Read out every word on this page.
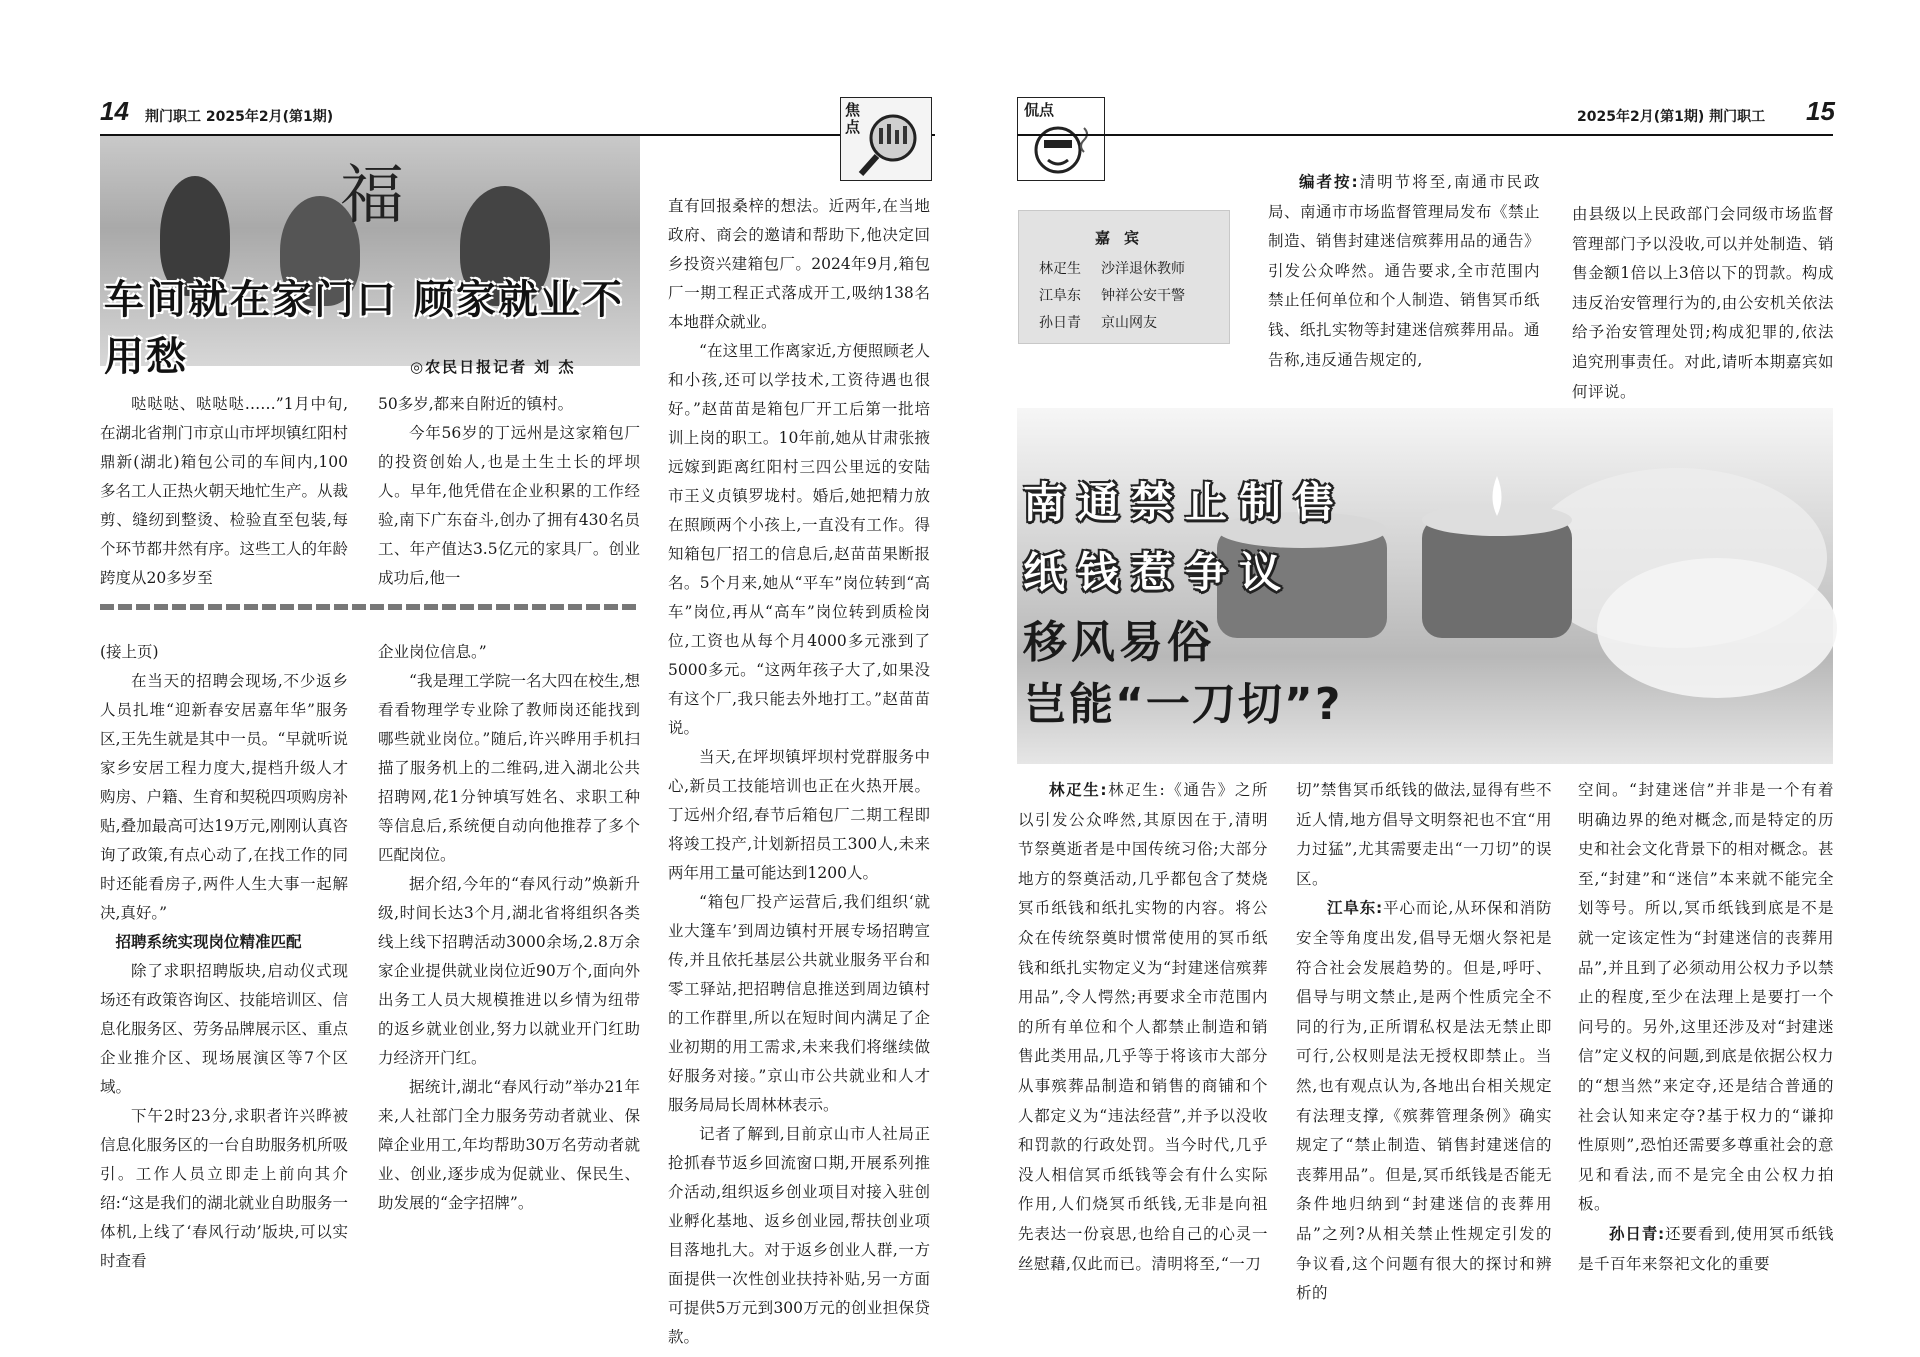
14 荆门职工 2025年2月(第1期)	焦点
福
车间就在家门口 顾家就业不用愁	◎农民日报记者 刘 杰

哒哒哒、哒哒哒……”1月中旬,在湖北省荆门市京山市坪坝镇红阳村鼎新(湖北)箱包公司的车间内,100多名工人正热火朝天地忙生产。从裁剪、缝纫到整烫、检验直至包装,每个环节都井然有序。这些工人的年龄跨度从20多岁至

50多岁,都来自附近的镇村。

今年56岁的丁远州是这家箱包厂的投资创始人,也是土生土长的坪坝人。早年,他凭借在企业积累的工作经验,南下广东奋斗,创办了拥有430名员工、年产值达3.5亿元的家具厂。创业成功后,他一

直有回报桑梓的想法。近两年,在当地政府、商会的邀请和帮助下,他决定回乡投资兴建箱包厂。2024年9月,箱包厂一期工程正式落成开工,吸纳138名本地群众就业。

“在这里工作离家近,方便照顾老人和小孩,还可以学技术,工资待遇也很好。”赵苗苗是箱包厂开工后第一批培训上岗的职工。10年前,她从甘肃张掖远嫁到距离红阳村三四公里远的安陆市王义贞镇罗垅村。婚后,她把精力放在照顾两个小孩上,一直没有工作。得知箱包厂招工的信息后,赵苗苗果断报名。5个月来,她从“平车”岗位转到“高车”岗位,再从“高车”岗位转到质检岗位,工资也从每个月4000多元涨到了5000多元。“这两年孩子大了,如果没有这个厂,我只能去外地打工。”赵苗苗说。

当天,在坪坝镇坪坝村党群服务中心,新员工技能培训也正在火热开展。丁远州介绍,春节后箱包厂二期工程即将竣工投产,计划新招员工300人,未来两年用工量可能达到1200人。

“箱包厂投产运营后,我们组织‘就业大篷车’到周边镇村开展专场招聘宣传,并且依托基层公共就业服务平台和零工驿站,把招聘信息推送到周边镇村的工作群里,所以在短时间内满足了企业初期的用工需求,未来我们将继续做好服务对接。”京山市公共就业和人才服务局局长周林林表示。

记者了解到,目前京山市人社局正抢抓春节返乡回流窗口期,开展系列推介活动,组织返乡创业项目对接入驻创业孵化基地、返乡创业园,帮扶创业项目落地扎大。对于返乡创业人群,一方面提供一次性创业扶持补贴,另一方面可提供5万元到300万元的创业担保贷款。

(接上页)

在当天的招聘会现场,不少返乡人员扎堆“迎新春安居嘉年华”服务区,王先生就是其中一员。“早就听说家乡安居工程力度大,提档升级人才购房、户籍、生育和契税四项购房补贴,叠加最高可达19万元,刚刚认真咨询了政策,有点心动了,在找工作的同时还能看房子,两件人生大事一起解决,真好。”

招聘系统实现岗位精准匹配

除了求职招聘版块,启动仪式现场还有政策咨询区、技能培训区、信息化服务区、劳务品牌展示区、重点企业推介区、现场展演区等7个区域。

下午2时23分,求职者许兴晔被信息化服务区的一台自助服务机所吸引。工作人员立即走上前向其介绍:“这是我们的湖北就业自助服务一体机,上线了‘春风行动’版块,可以实时查看

企业岗位信息。”

“我是理工学院一名大四在校生,想看看物理学专业除了教师岗还能找到哪些就业岗位。”随后,许兴晔用手机扫描了服务机上的二维码,进入湖北公共招聘网,花1分钟填写姓名、求职工种等信息后,系统便自动向他推荐了多个匹配岗位。

据介绍,今年的“春风行动”焕新升级,时间长达3个月,湖北省将组织各类线上线下招聘活动3000余场,2.8万余家企业提供就业岗位近90万个,面向外出务工人员大规模推进以乡情为纽带的返乡就业创业,努力以就业开门红助力经济开门红。

据统计,湖北“春风行动”举办21年来,人社部门全力服务劳动者就业、保障企业用工,年均帮助30万名劳动者就业、创业,逐步成为促就业、保民生、助发展的“金字招牌”。

侃点	2025年2月(第1期) 荆门职工 15
嘉宾
林疋生 沙洋退休教师
江阜东 钟祥公安干警
孙日青 京山网友

编者按:清明节将至,南通市民政局、南通市市场监督管理局发布《禁止制造、销售封建迷信殡葬用品的通告》引发公众哗然。通告要求,全市范围内禁止任何单位和个人制造、销售冥币纸钱、纸扎实物等封建迷信殡葬用品。通告称,违反通告规定的,

由县级以上民政部门会同级市场监督管理部门予以没收,可以并处制造、销售金额1倍以上3倍以下的罚款。构成违反治安管理行为的,由公安机关依法给予治安管理处罚;构成犯罪的,依法追究刑事责任。对此,请听本期嘉宾如何评说。

南通禁止制售
纸钱惹争议
移风易俗
岂能“一刀切”?

林疋生:林疋生:《通告》之所以引发公众哗然,其原因在于,清明节祭奠逝者是中国传统习俗;大部分地方的祭奠活动,几乎都包含了焚烧冥币纸钱和纸扎实物的内容。将公众在传统祭奠时惯常使用的冥币纸钱和纸扎实物定义为“封建迷信殡葬用品”,令人愕然;再要求全市范围内的所有单位和个人都禁止制造和销售此类用品,几乎等于将该市大部分从事殡葬品制造和销售的商铺和个人都定义为“违法经营”,并予以没收和罚款的行政处罚。当今时代,几乎没人相信冥币纸钱等会有什么实际作用,人们烧冥币纸钱,无非是向祖先表达一份哀思,也给自己的心灵一丝慰藉,仅此而已。清明将至,“一刀

切”禁售冥币纸钱的做法,显得有些不近人情,地方倡导文明祭祀也不宜“用力过猛”,尤其需要走出“一刀切”的误区。

江阜东:平心而论,从环保和消防安全等角度出发,倡导无烟火祭祀是符合社会发展趋势的。但是,呼吁、倡导与明文禁止,是两个性质完全不同的行为,正所谓私权是法无禁止即可行,公权则是法无授权即禁止。当然,也有观点认为,各地出台相关规定有法理支撑,《殡葬管理条例》确实规定了“禁止制造、销售封建迷信的丧葬用品”。但是,冥币纸钱是否能无条件地归纳到“封建迷信的丧葬用品”之列?从相关禁止性规定引发的争议看,这个问题有很大的探讨和辨析的

空间。“封建迷信”并非是一个有着明确边界的绝对概念,而是特定的历史和社会文化背景下的相对概念。甚至,“封建”和“迷信”本来就不能完全划等号。所以,冥币纸钱到底是不是就一定该定性为“封建迷信的丧葬用品”,并且到了必须动用公权力予以禁止的程度,至少在法理上是要打一个问号的。另外,这里还涉及对“封建迷信”定义权的问题,到底是依据公权力的“想当然”来定夺,还是结合普通的社会认知来定夺?基于权力的“谦抑性原则”,恐怕还需要多尊重社会的意见和看法,而不是完全由公权力拍板。

孙日青:还要看到,使用冥币纸钱是千百年来祭祀文化的重要
